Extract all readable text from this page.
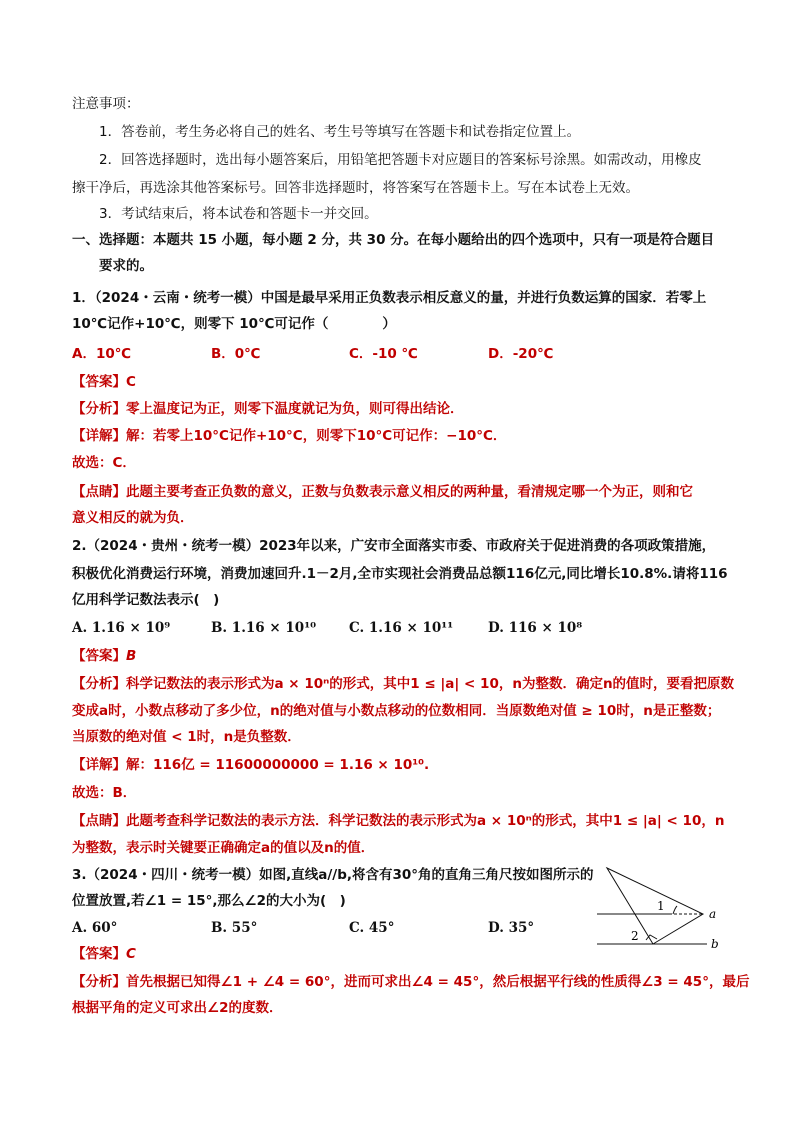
注意事项：
1．答卷前，考生务必将自己的姓名、考生号等填写在答题卡和试卷指定位置上。
2．回答选择题时，选出每小题答案后，用铅笔把答题卡对应题目的答案标号涂黑。如需改动，用橡皮
擦干净后，再选涂其他答案标号。回答非选择题时，将答案写在答题卡上。写在本试卷上无效。
3．考试结束后，将本试卷和答题卡一并交回。
一、选择题：本题共 15 小题，每小题 2 分，共 30 分。在每小题给出的四个选项中，只有一项是符合题目
要求的。
1．（2024・云南・统考一模）中国是最早采用正负数表示相反意义的量，并进行负数运算的国家．若零上
10℃记作+10℃，则零下 10℃可记作（　　　　）
A．10℃	B．0℃	C．-10 ℃	D．-20℃
【答案】C
【分析】零上温度记为正，则零下温度就记为负，则可得出结论．
【详解】解：若零上10°C记作+10°C，则零下10°C可记作：−10°C．
故选：C．
【点睛】此题主要考查正负数的意义，正数与负数表示意义相反的两种量，看清规定哪一个为正，则和它
意义相反的就为负．
2.（2024・贵州・统考一模）2023年以来，广安市全面落实市委、市政府关于促进消费的各项政策措施，
积极优化消费运行环境，消费加速回升.1－2月,全市实现社会消费品总额116亿元,同比增长10.8%.请将116
亿用科学记数法表示(　)
A. 1.16 × 10⁹	B. 1.16 × 10¹⁰ C. 1.16 × 10¹¹	D. 116 × 10⁸
【答案】B
【分析】科学记数法的表示形式为a × 10ⁿ的形式，其中1 ≤ |a| < 10，n为整数．确定n的值时，要看把原数
变成a时，小数点移动了多少位，n的绝对值与小数点移动的位数相同．当原数绝对值 ≥ 10时，n是正整数；
当原数的绝对值 < 1时，n是负整数．
【详解】解：116亿 = 11600000000 = 1.16 × 10¹⁰.
故选：B．
【点睛】此题考查科学记数法的表示方法．科学记数法的表示形式为a × 10ⁿ的形式，其中1 ≤ |a| < 10，n
为整数，表示时关键要正确确定a的值以及n的值．
3.（2024・四川・统考一模）如图,直线a//b,将含有30°角的直角三角尺按如图所示的
位置放置,若∠1 = 15°,那么∠2的大小为(　)
A. 60°	B. 55°	C. 45°	D. 35°
【答案】C
【分析】首先根据已知得∠1 + ∠4 = 60°，进而可求出∠4 = 45°，然后根据平行线的性质得∠3 = 45°，最后
根据平角的定义可求出∠2的度数．
1
2
a
b
